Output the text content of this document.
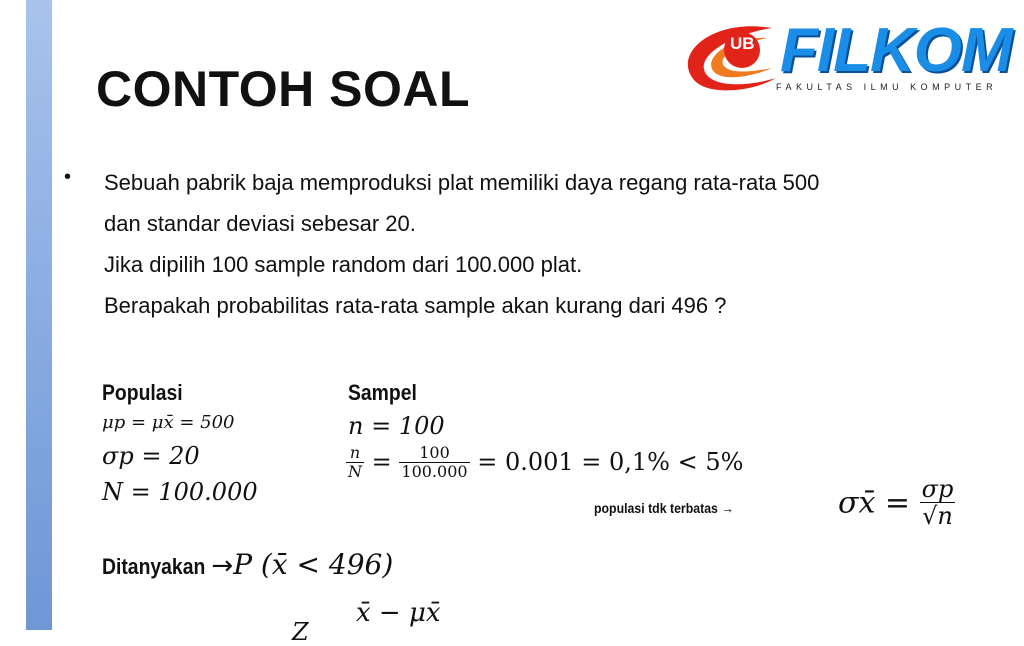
CONTOH SOAL
UB FILKOM
FAKULTAS ILMU KOMPUTER
• Sebuah pabrik baja memproduksi plat memiliki daya regang rata-rata 500
dan standar deviasi sebesar 20.
Jika dipilih 100 sample random dari 100.000 plat.
Berapakah probabilitas rata-rata sample akan kurang dari 496 ?
Populasi
μp = μx̄ = 500
σp = 20
N = 100.000
Sampel
n = 100
$\frac{n}{N} = \frac{100}{100.000} = 0.001 = 0,1\% < 5\%$
populasi tdk terbatas →	σx̄ = $\frac{\sigma p}{√n}$
Ditanyakan →P (x̄ < 496)
x̄ − μx̄
Z
